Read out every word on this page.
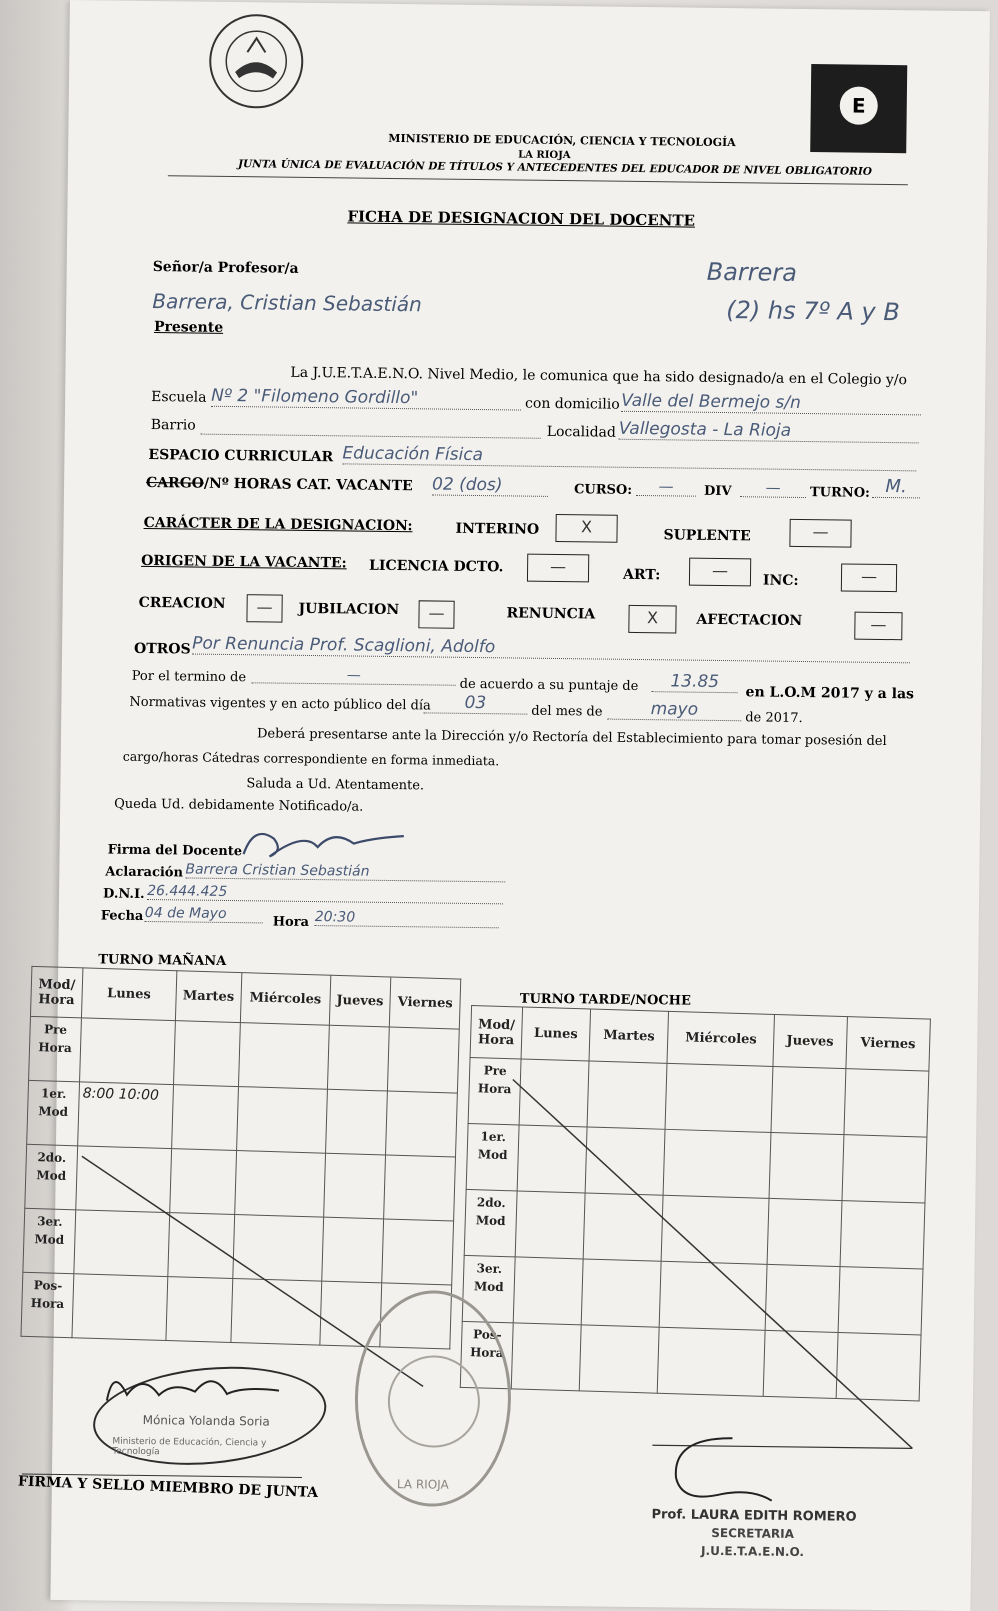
E
MINISTERIO DE EDUCACIÓN, CIENCIA Y TECNOLOGÍA
LA RIOJA
JUNTA ÚNICA DE EVALUACIÓN DE TÍTULOS Y ANTECEDENTES DEL EDUCADOR DE NIVEL OBLIGATORIO
FICHA DE DESIGNACION DEL DOCENTE
Barrera
(2) hs 7º A y B
Señor/a Profesor/a
Barrera, Cristian Sebastián
Presente
La J.U.E.T.A.E.N.O. Nivel Medio, le comunica que ha sido designado/a en el Colegio y/o
Escuela Nº 2 "Filomeno Gordillo"	con domicilio Valle del Bermejo s/n
Barrio	Localidad Vallegosta - La Rioja
ESPACIO CURRICULAR Educación Física
CARGO/Nº HORAS CAT. VACANTE 02 (dos)	CURSO:	—	DIV	—	TURNO: M.
CARÁCTER DE LA DESIGNACION:	INTERINO	X	SUPLENTE	—
ORIGEN DE LA VACANTE: LICENCIA DCTO.	—	ART:	—
INC:	—
CREACION	—	JUBILACION	—	RENUNCIA	X	AFECTACION	—
OTROS Por Renuncia Prof. Scaglioni, Adolfo
Por el termino de	—
de acuerdo a su puntaje de	13.85
en L.O.M 2017 y a las
Normativas vigentes y en acto público del día	03	del mes de	mayo	de 2017.
Deberá presentarse ante la Dirección y/o Rectoría del Establecimiento para tomar posesión del
cargo/horas Cátedras correspondiente en forma inmediata.
Saluda a Ud. Atentamente.
Queda Ud. debidamente Notificado/a.
Firma del Docente
Aclaración Barrera Cristian Sebastián
D.N.I. 26.444.425
Fecha 04 de Mayo
Hora 20:30
TURNO MAÑANA
Mod/ Hora	Lunes	Martes	Miércoles	Jueves	Viernes
Pre Hora					
1er. Mod	8:00 10:00				
2do. Mod					
3er. Mod					
Pos- Hora					
TURNO TARDE/NOCHE
Mod/ Hora	Lunes	Martes	Miércoles	Jueves	Viernes
Pre Hora					
1er. Mod					
2do. Mod					
3er. Mod					
Pos- Hora					
Mónica Yolanda Soria
Ministerio de Educación, Ciencia y Tecnología
LA RIOJA
FIRMA Y SELLO MIEMBRO DE JUNTA
Prof. LAURA EDITH ROMERO
SECRETARIA
J.U.E.T.A.E.N.O.
